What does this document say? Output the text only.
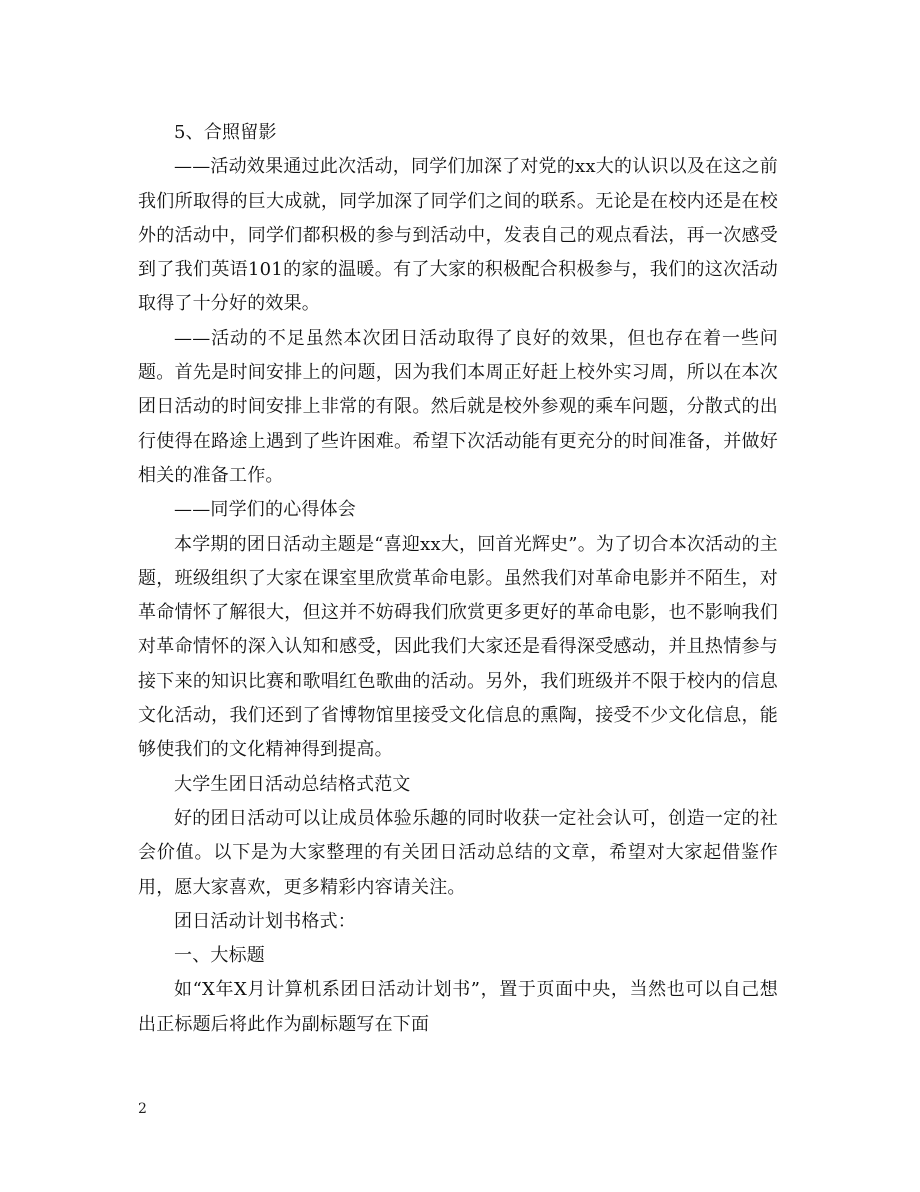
5、合照留影

——活动效果通过此次活动，同学们加深了对党的xx大的认识以及在这之前我们所取得的巨大成就，同学加深了同学们之间的联系。无论是在校内还是在校外的活动中，同学们都积极的参与到活动中，发表自己的观点看法，再一次感受到了我们英语101的家的温暖。有了大家的积极配合积极参与，我们的这次活动取得了十分好的效果。

——活动的不足虽然本次团日活动取得了良好的效果，但也存在着一些问题。首先是时间安排上的问题，因为我们本周正好赶上校外实习周，所以在本次团日活动的时间安排上非常的有限。然后就是校外参观的乘车问题，分散式的出行使得在路途上遇到了些许困难。希望下次活动能有更充分的时间准备，并做好相关的准备工作。

——同学们的心得体会

本学期的团日活动主题是“喜迎xx大，回首光辉史”。为了切合本次活动的主题，班级组织了大家在课室里欣赏革命电影。虽然我们对革命电影并不陌生，对革命情怀了解很大，但这并不妨碍我们欣赏更多更好的革命电影，也不影响我们对革命情怀的深入认知和感受，因此我们大家还是看得深受感动，并且热情参与接下来的知识比赛和歌唱红色歌曲的活动。另外，我们班级并不限于校内的信息文化活动，我们还到了省博物馆里接受文化信息的熏陶，接受不少文化信息，能够使我们的文化精神得到提高。

大学生团日活动总结格式范文

好的团日活动可以让成员体验乐趣的同时收获一定社会认可，创造一定的社会价值。以下是为大家整理的有关团日活动总结的文章，希望对大家起借鉴作用，愿大家喜欢，更多精彩内容请关注。

团日活动计划书格式：

一、大标题

如“X年X月计算机系团日活动计划书”，置于页面中央，当然也可以自己想出正标题后将此作为副标题写在下面

2
